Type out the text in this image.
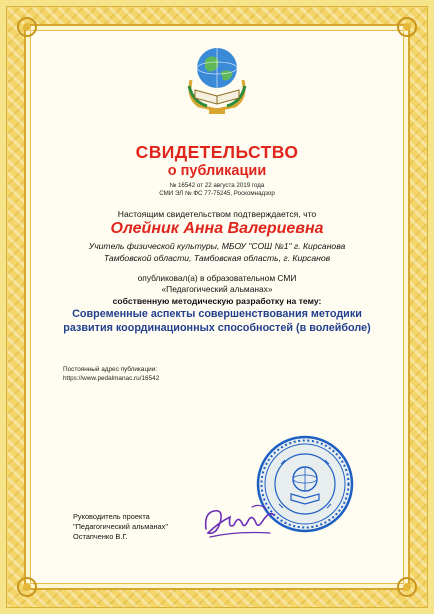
СВИДЕТЕЛЬСТВО
о публикации
№ 16542 от 22 августа 2019 года
СМИ ЭЛ № ФС 77-75245, Роскомнадзор
Настоящим свидетельством подтверждается, что
Олейник Анна Валериевна
Учитель физической культуры, МБОУ "СОШ №1" г. Кирсанова
Тамбовской области, Тамбовская область, г. Кирсанов
опубликовал(а) в образовательном СМИ
«Педагогический альманах»
собственную методическую разработку на тему:
Современные аспекты совершенствования методики развития координационных способностей (в волейболе)
Постоянный адрес публикации:
https://www.pedalmanac.ru/16542
Руководитель проекта
"Педагогический альманах"
Остапченко В.Г.
